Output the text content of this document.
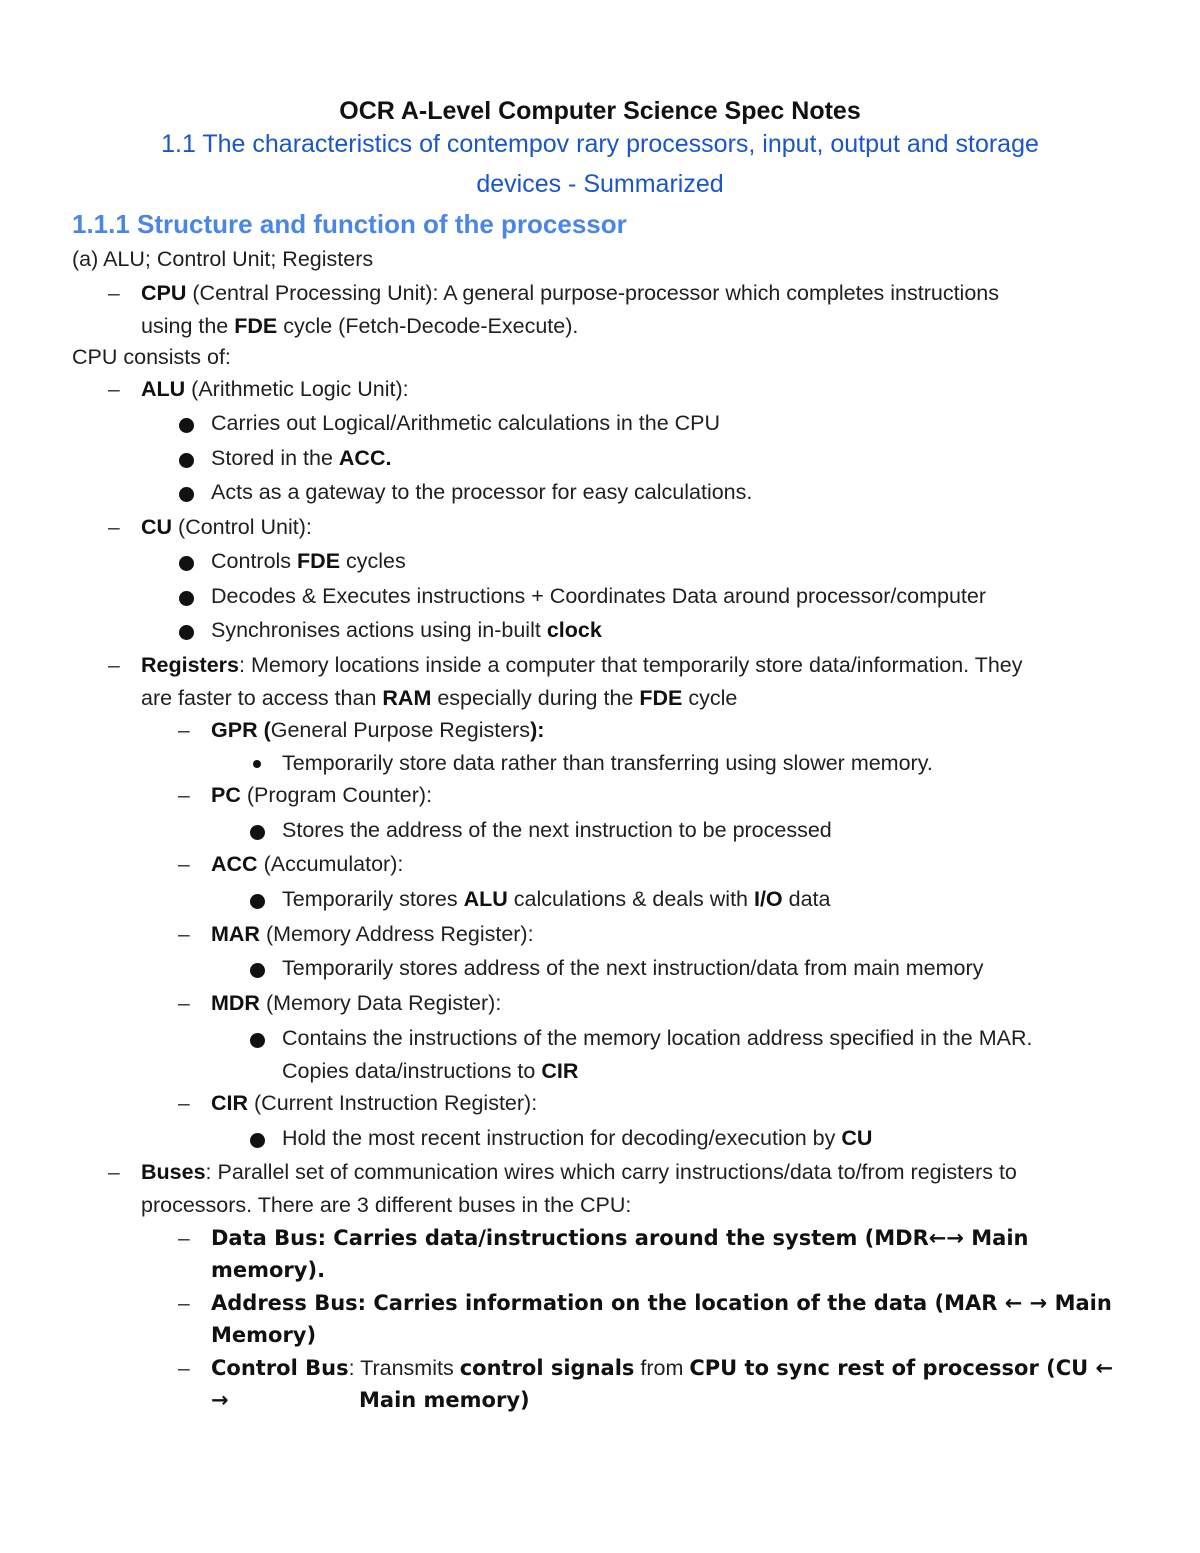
OCR A-Level Computer Science Spec Notes
1.1 The characteristics of contempov rary processors, input, output and storage
devices - Summarized
1.1.1 Structure and function of the processor
(a) ALU; Control Unit; Registers
– CPU (Central Processing Unit): A general purpose-processor which completes instructions
using the FDE cycle (Fetch-Decode-Execute).
CPU consists of:
– ALU (Arithmetic Logic Unit):
Carries out Logical/Arithmetic calculations in the CPU
Stored in the ACC.
Acts as a gateway to the processor for easy calculations.
– CU (Control Unit):
Controls FDE cycles
Decodes & Executes instructions + Coordinates Data around processor/computer
Synchronises actions using in-built clock
– Registers: Memory locations inside a computer that temporarily store data/information. They
are faster to access than RAM especially during the FDE cycle
– GPR (General Purpose Registers):
Temporarily store data rather than transferring using slower memory.
– PC (Program Counter):
Stores the address of the next instruction to be processed
– ACC (Accumulator):
Temporarily stores ALU calculations & deals with I/O data
– MAR (Memory Address Register):
Temporarily stores address of the next instruction/data from main memory
– MDR (Memory Data Register):
Contains the instructions of the memory location address specified in the MAR.
Copies data/instructions to CIR
– CIR (Current Instruction Register):
Hold the most recent instruction for decoding/execution by CU
– Buses: Parallel set of communication wires which carry instructions/data to/from registers to
processors. There are 3 different buses in the CPU:
– Data Bus: Carries data/instructions around the system (MDR←→ Main
memory).
– Address Bus: Carries information on the location of the data (MAR ← → Main
Memory)
– Control Bus: Transmits control signals from CPU to sync rest of processor (CU ←
→	Main memory)
